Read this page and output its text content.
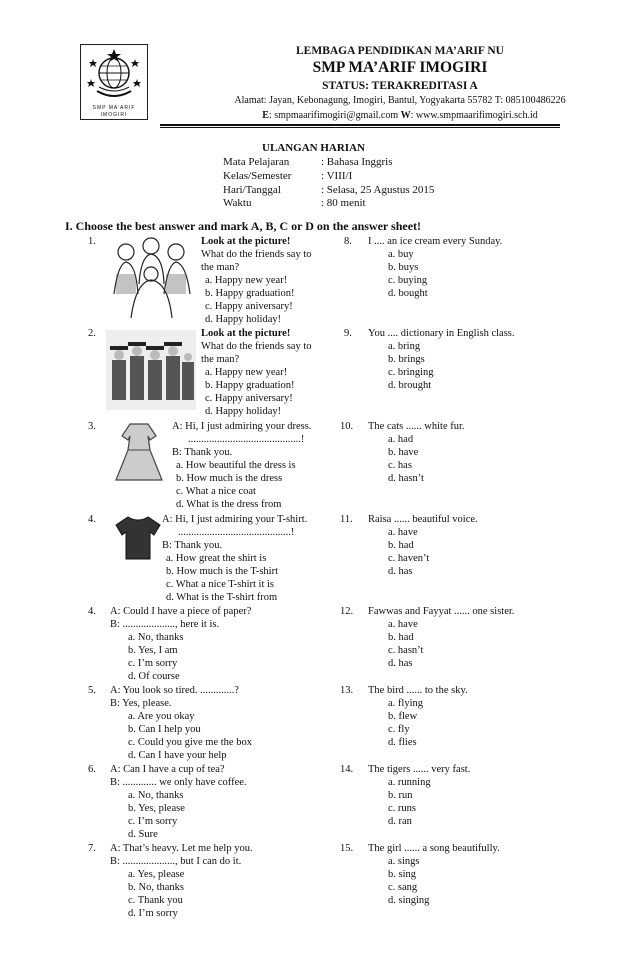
SMP MA’ARIF
IMOGIRI
LEMBAGA PENDIDIKAN MA’ARIF NU
SMP MA’ARIF IMOGIRI
STATUS: TERAKREDITASI A
Alamat: Jayan, Kebonagung, Imogiri, Bantul, Yogyakarta 55782 T: 085100486226
E: smpmaarifimogiri@gmail.com W: www.smpmaarifimogiri.sch.id
ULANGAN HARIAN
Mata Pelajaran	: Bahasa Inggris
Kelas/Semester	: VIII/I
Hari/Tanggal	: Selasa, 25 Agustus 2015
Waktu	: 80 menit
I. Choose the best answer and mark A, B, C or D on the answer sheet!
1.	Look at the picture!
What do the friends say to
the man?
a. Happy new year!
b. Happy graduation!
c. Happy aniversary!
d. Happy holiday!
2.	Look at the picture!
What do the friends say to
the man?
a. Happy new year!
b. Happy graduation!
c. Happy aniversary!
d. Happy holiday!
3.	A: Hi, I just admiring your dress.
...........................................!
B: Thank you.
a. How beautiful the dress is
b. How much is the dress
c. What a nice coat
d. What is the dress from
4.	A: Hi, I just admiring your T-shirt.
...........................................!
B: Thank you.
a. How great the shirt is
b. How much is the T-shirt
c. What a nice T-shirt it is
d. What is the T-shirt from
4. A: Could I have a piece of paper?
B: ...................., here it is.
a. No, thanks
b. Yes, I am
c. I’m sorry
d. Of course
5. A: You look so tired. .............?
B: Yes, please.
a. Are you okay
b. Can I help you
c. Could you give me the box
d. Can I have your help
6. A: Can I have a cup of tea?
B: ............. we only have coffee.
a. No, thanks
b. Yes, please
c. I’m sorry
d. Sure
7. A: That’s heavy. Let me help you.
B: ...................., but I can do it.
a. Yes, please
b. No, thanks
c. Thank you
d. I’m sorry
8. I .... an ice cream every Sunday.
a. buy
b. buys
c. buying
d. bought
9. You .... dictionary in English class.
a. bring
b. brings
c. bringing
d. brought
10. The cats ...... white fur.
a. had
b. have
c. has
d. hasn’t
11. Raisa ...... beautiful voice.
a. have
b. had
c. haven’t
d. has
12. Fawwas and Fayyat ...... one sister.
a. have
b. had
c. hasn’t
d. has
13. The bird ...... to the sky.
a. flying
b. flew
c. fly
d. flies
14. The tigers ...... very fast.
a. running
b. run
c. runs
d. ran
15. The girl ...... a song beautifully.
a. sings
b. sing
c. sang
d. singing
